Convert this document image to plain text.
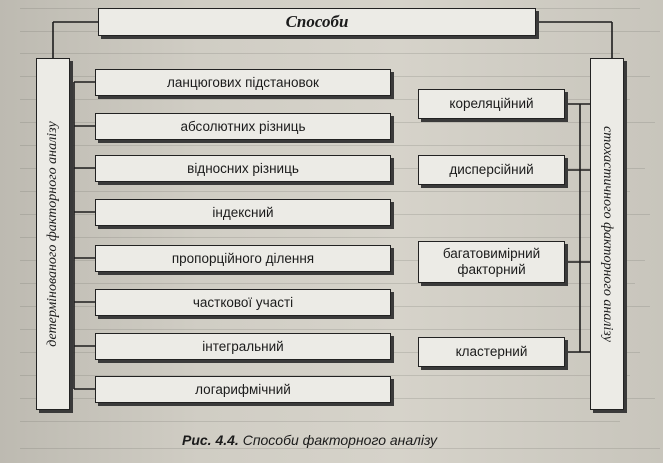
Способи
детермінованого факторного аналізу	стохастичного факторного аналізу
ланцюгових підстановок
абсолютних різниць
відносних різниць
індексний
пропорційного ділення
часткової участі
інтегральний
логарифмічний
кореляційний
дисперсійний
багатовимірний факторний
кластерний
Рис. 4.4. Способи факторного аналізу
